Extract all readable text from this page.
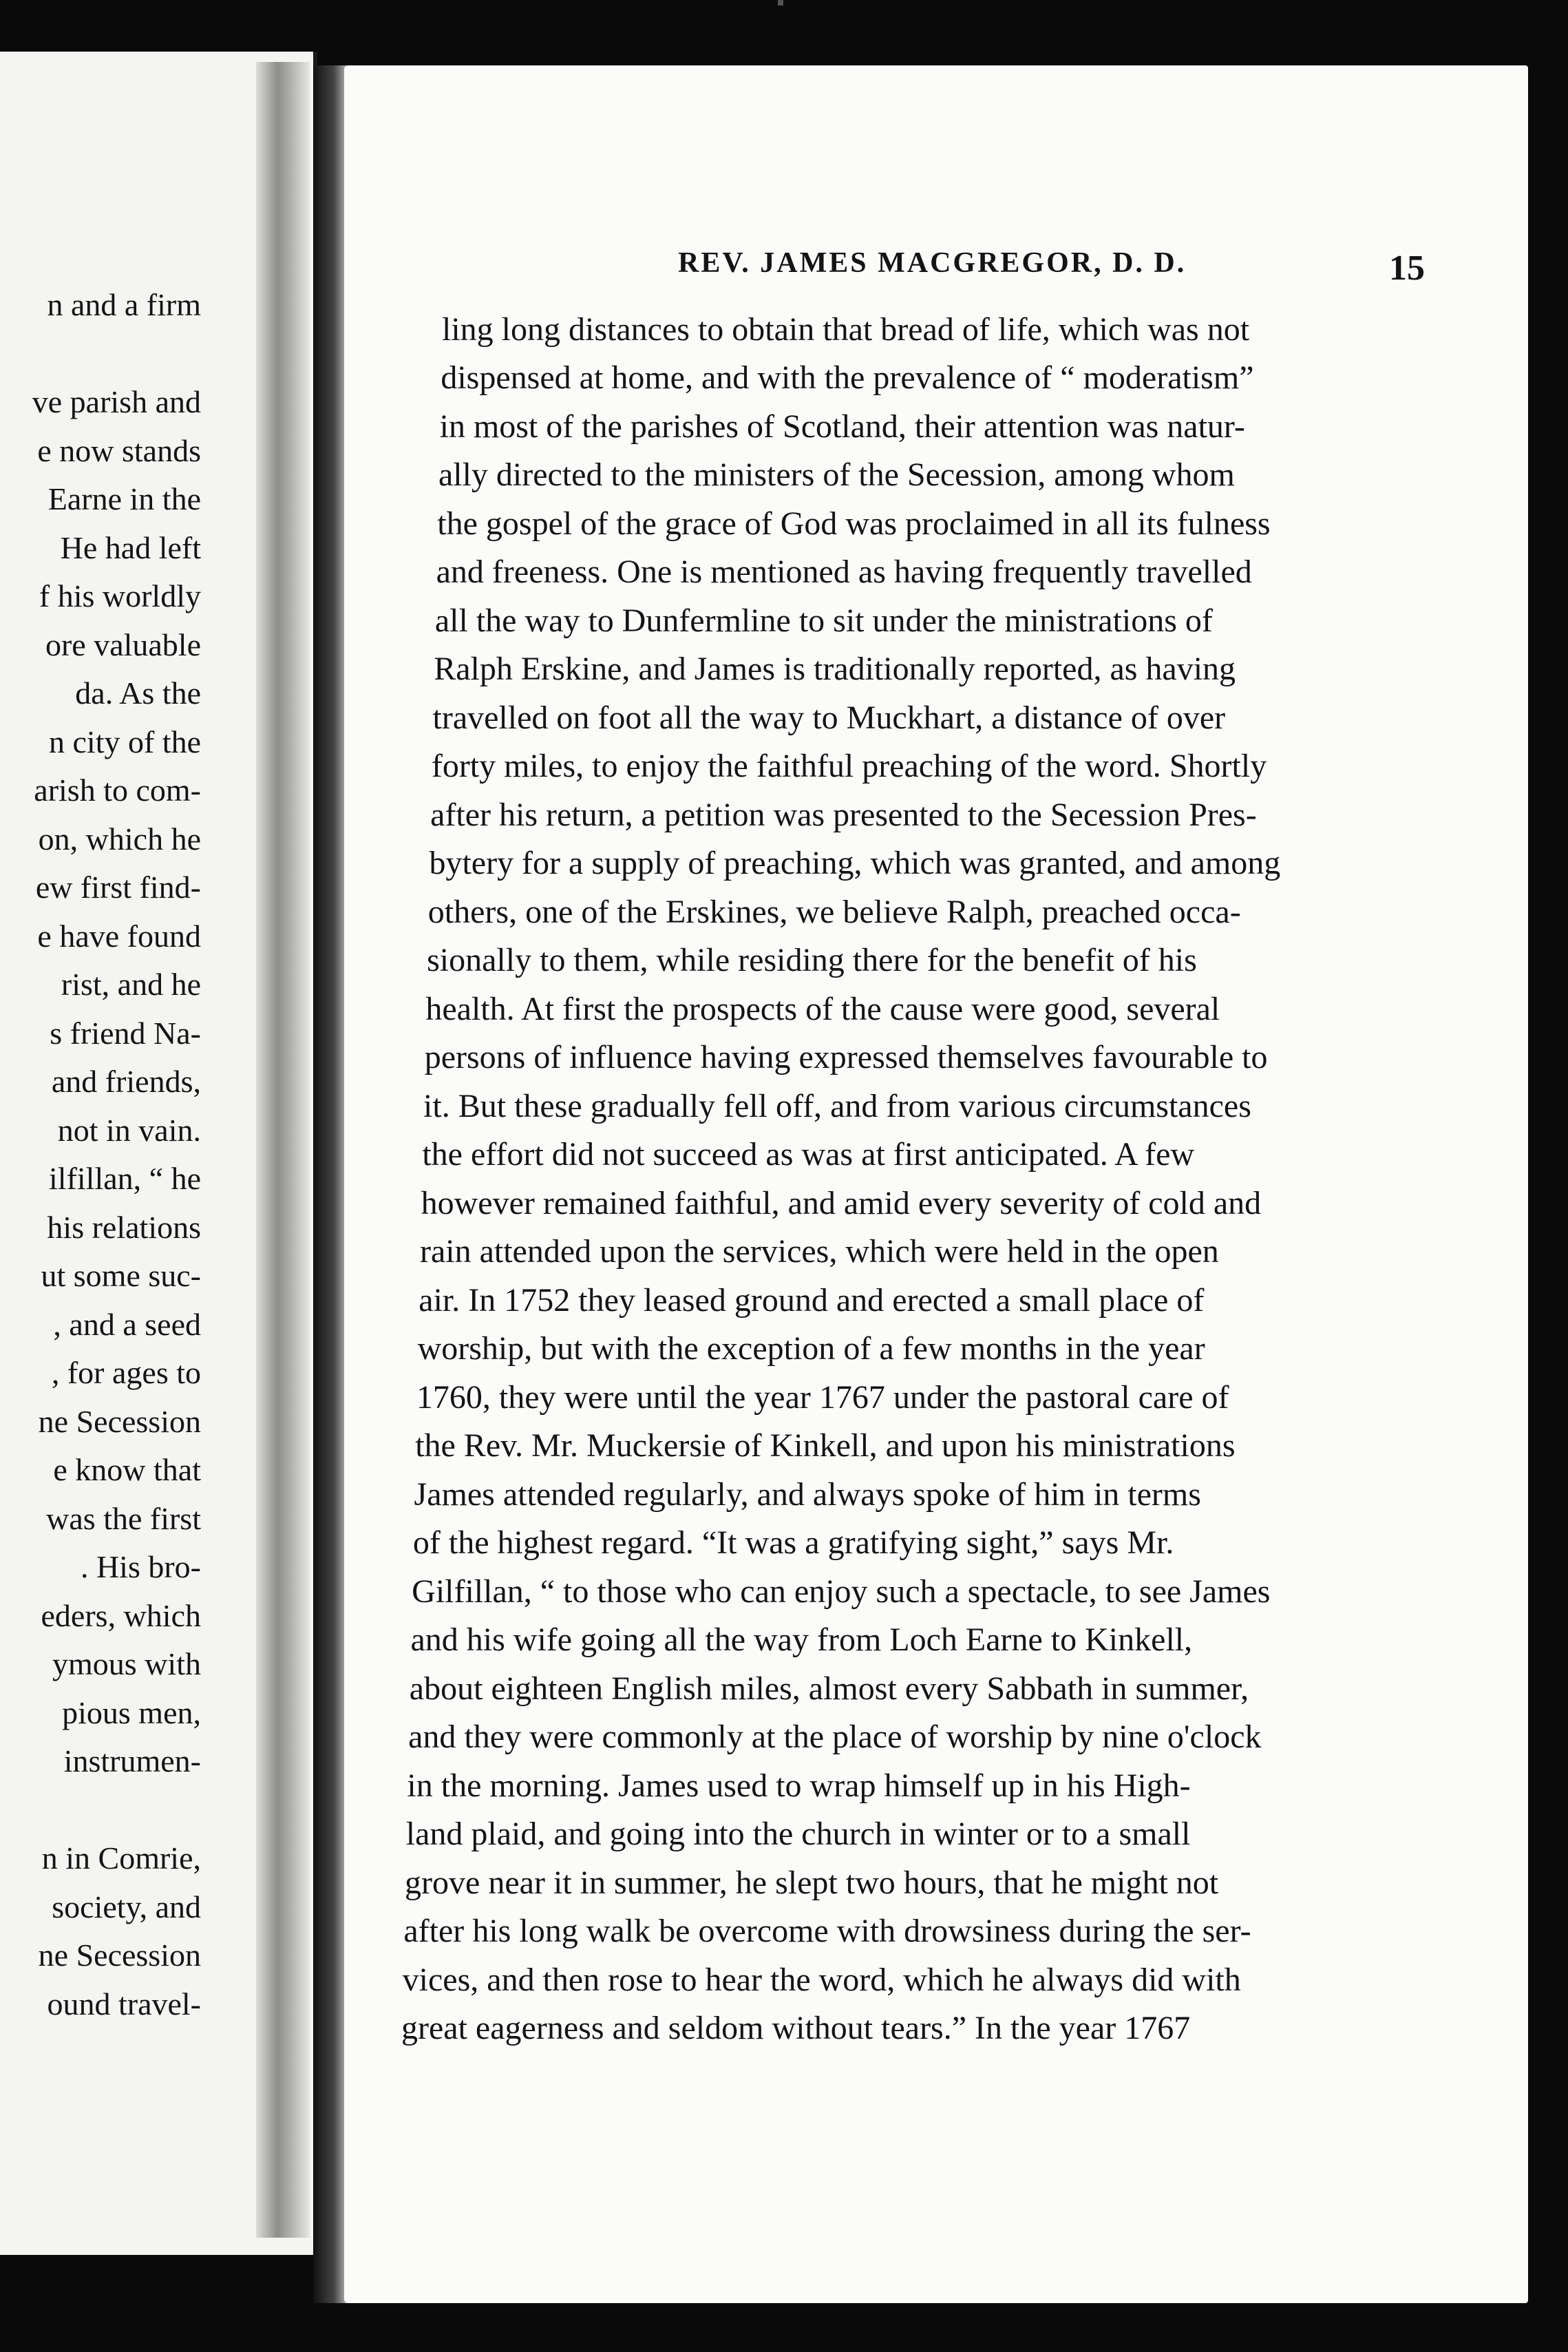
n and a firm
ve parish and
e now stands
Earne in the
He had left
f his worldly
ore valuable
da. As the
n city of the
arish to com-
on, which he
ew first find-
e have found
rist, and he
s friend Na-
and friends,
not in vain.
ilfillan, “ he
his relations
ut some suc-
, and a seed
, for ages to
ne Secession
e know that
was the first
. His bro-
eders, which
ymous with
pious men,
instrumen-
n in Comrie,
society, and
ne Secession
ound travel-
REV. JAMES MACGREGOR, D. D.	15
ling long distances to obtain that bread of life, which was not
dispensed at home, and with the prevalence of “ moderatism”
in most of the parishes of Scotland, their attention was natur-
ally directed to the ministers of the Secession, among whom
the gospel of the grace of God was proclaimed in all its fulness
and freeness. One is mentioned as having frequently travelled
all the way to Dunfermline to sit under the ministrations of
Ralph Erskine, and James is traditionally reported, as having
travelled on foot all the way to Muckhart, a distance of over
forty miles, to enjoy the faithful preaching of the word. Shortly
after his return, a petition was presented to the Secession Pres-
bytery for a supply of preaching, which was granted, and among
others, one of the Erskines, we believe Ralph, preached occa-
sionally to them, while residing there for the benefit of his
health. At first the prospects of the cause were good, several
persons of influence having expressed themselves favourable to
it. But these gradually fell off, and from various circumstances
the effort did not succeed as was at first anticipated. A few
however remained faithful, and amid every severity of cold and
rain attended upon the services, which were held in the open
air. In 1752 they leased ground and erected a small place of
worship, but with the exception of a few months in the year
1760, they were until the year 1767 under the pastoral care of
the Rev. Mr. Muckersie of Kinkell, and upon his ministrations
James attended regularly, and always spoke of him in terms
of the highest regard. “It was a gratifying sight,” says Mr.
Gilfillan, “ to those who can enjoy such a spectacle, to see James
and his wife going all the way from Loch Earne to Kinkell,
about eighteen English miles, almost every Sabbath in summer,
and they were commonly at the place of worship by nine o'clock
in the morning. James used to wrap himself up in his High-
land plaid, and going into the church in winter or to a small
grove near it in summer, he slept two hours, that he might not
after his long walk be overcome with drowsiness during the ser-
vices, and then rose to hear the word, which he always did with
great eagerness and seldom without tears.” In the year 1767
